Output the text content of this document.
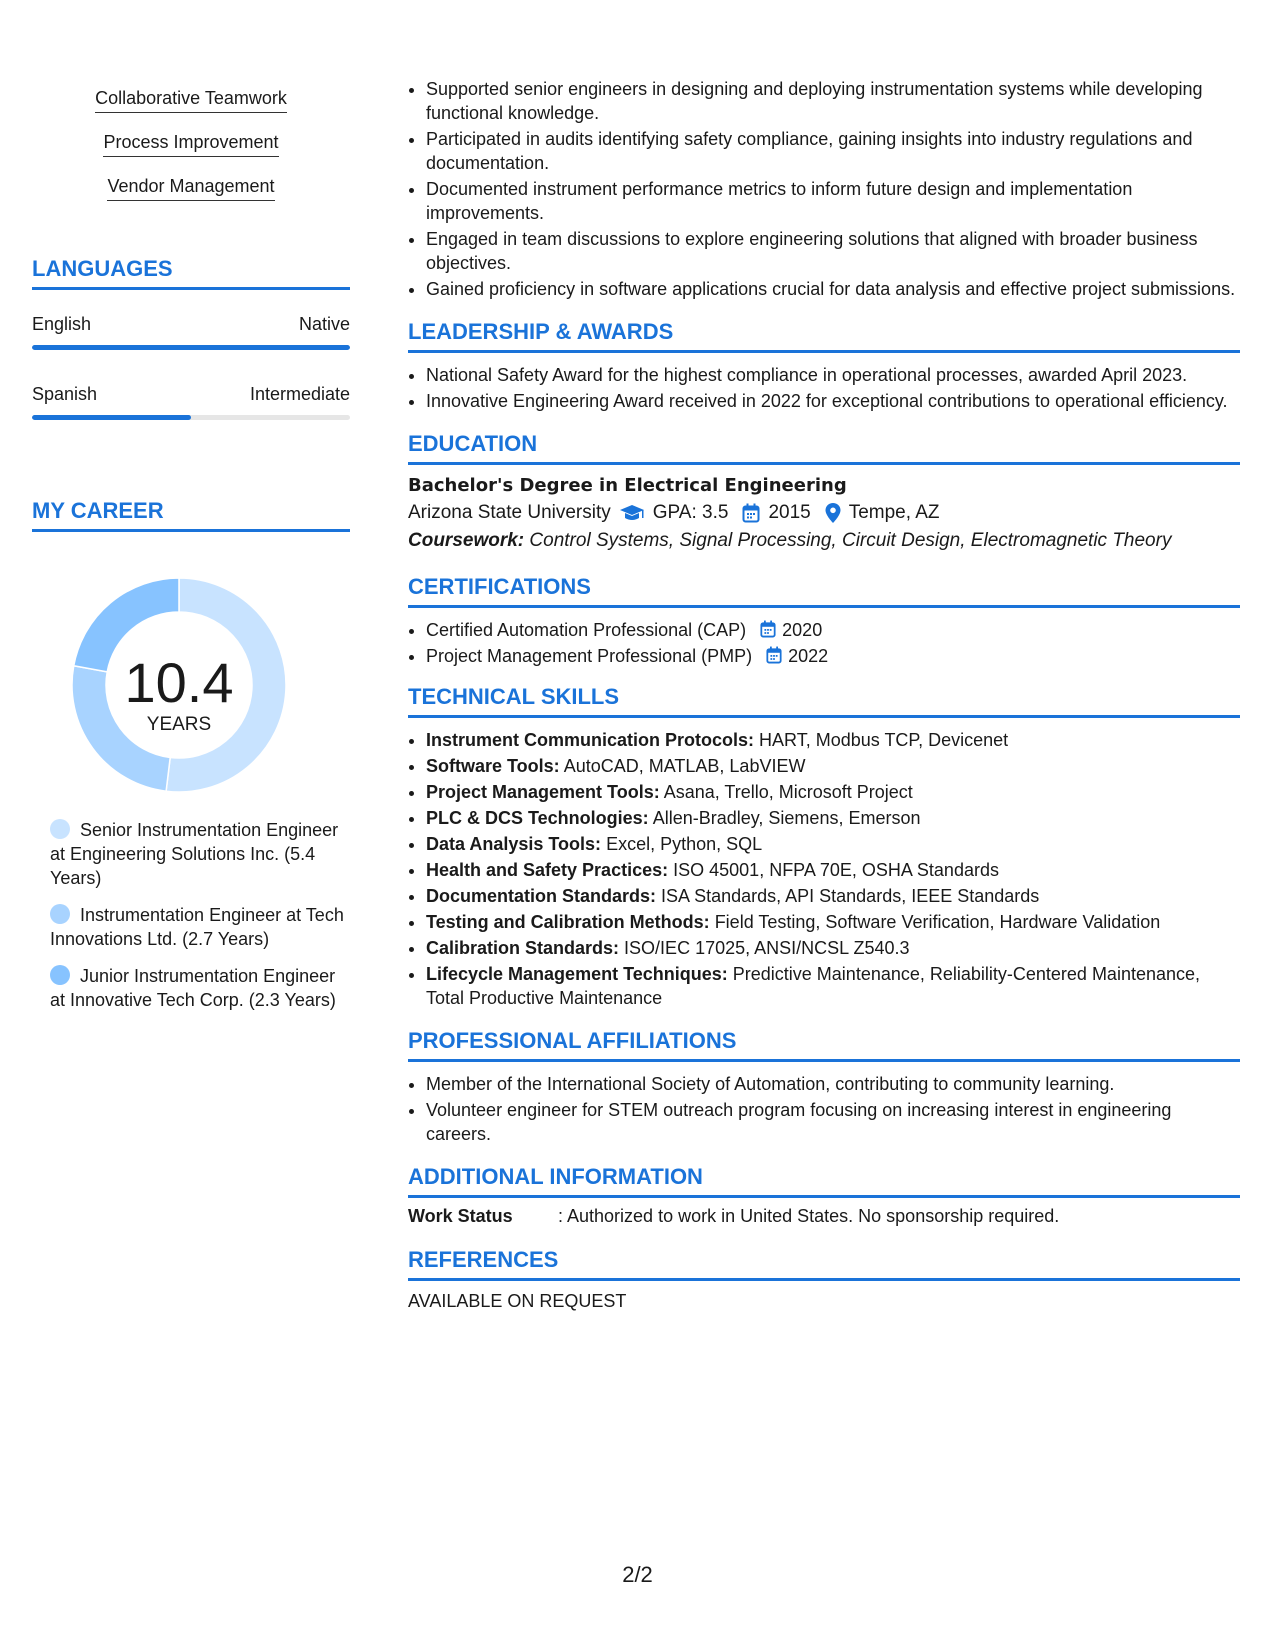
Collaborative Teamwork
Process Improvement
Vendor Management
LANGUAGES
English	Native
Spanish	Intermediate
MY CAREER
10.4
YEARS
Senior Instrumentation Engineer at Engineering Solutions Inc. (5.4 Years)
Instrumentation Engineer at Tech Innovations Ltd. (2.7 Years)
Junior Instrumentation Engineer at Innovative Tech Corp. (2.3 Years)
• Supported senior engineers in designing and deploying instrumentation systems while developing functional knowledge.
• Participated in audits identifying safety compliance, gaining insights into industry regulations and documentation.
• Documented instrument performance metrics to inform future design and implementation improvements.
• Engaged in team discussions to explore engineering solutions that aligned with broader business objectives.
• Gained proficiency in software applications crucial for data analysis and effective project submissions.
LEADERSHIP & AWARDS
• National Safety Award for the highest compliance in operational processes, awarded April 2023.
• Innovative Engineering Award received in 2022 for exceptional contributions to operational efficiency.
EDUCATION
Bachelor's Degree in Electrical Engineering
Arizona State University GPA: 3.5 2015 Tempe, AZ
Coursework: Control Systems, Signal Processing, Circuit Design, Electromagnetic Theory
CERTIFICATIONS
• Certified Automation Professional (CAP) 2020
• Project Management Professional (PMP) 2022
TECHNICAL SKILLS
• Instrument Communication Protocols: HART, Modbus TCP, Devicenet
• Software Tools: AutoCAD, MATLAB, LabVIEW
• Project Management Tools: Asana, Trello, Microsoft Project
• PLC & DCS Technologies: Allen-Bradley, Siemens, Emerson
• Data Analysis Tools: Excel, Python, SQL
• Health and Safety Practices: ISO 45001, NFPA 70E, OSHA Standards
• Documentation Standards: ISA Standards, API Standards, IEEE Standards
• Testing and Calibration Methods: Field Testing, Software Verification, Hardware Validation
• Calibration Standards: ISO/IEC 17025, ANSI/NCSL Z540.3
• Lifecycle Management Techniques: Predictive Maintenance, Reliability-Centered Maintenance, Total Productive Maintenance
PROFESSIONAL AFFILIATIONS
• Member of the International Society of Automation, contributing to community learning.
• Volunteer engineer for STEM outreach program focusing on increasing interest in engineering careers.
ADDITIONAL INFORMATION
Work Status	: Authorized to work in United States. No sponsorship required.
REFERENCES
AVAILABLE ON REQUEST
2/2
